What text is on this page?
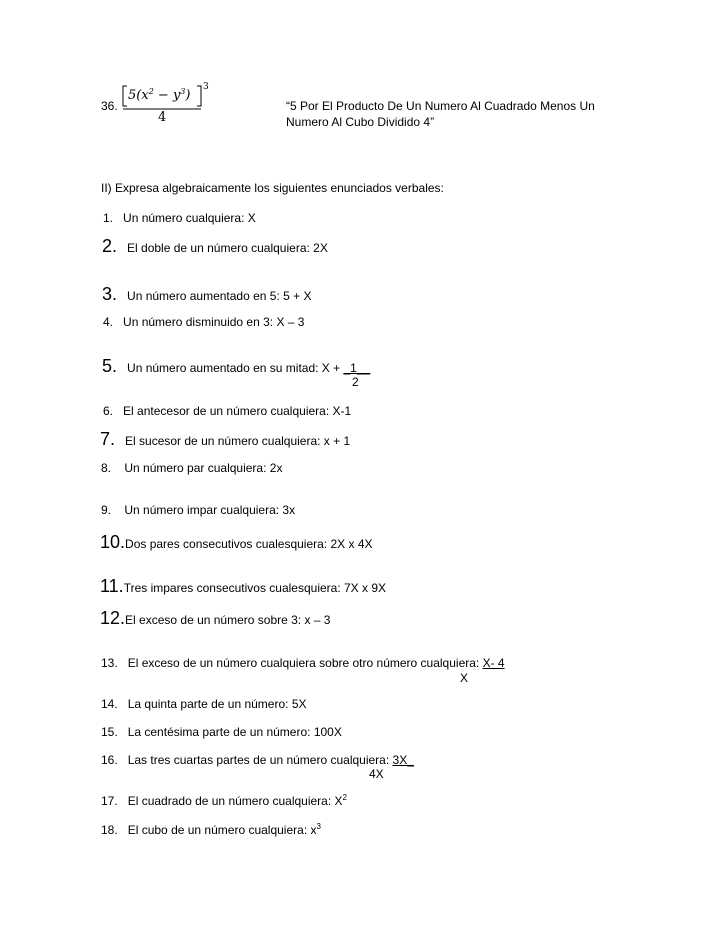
36.
$5(x^2 - y^3)$
3
4
“5 Por El Producto De Un Numero Al Cuadrado Menos Un
Numero Al Cubo Dividido 4”
II) Expresa algebraicamente los siguientes enunciados verbales:
1. Un número cualquiera: X
2. El doble de un número cualquiera: 2X
3. Un número aumentado en 5: 5 + X
4. Un número disminuido en 3: X – 3
5. Un número aumentado en su mitad: X + _1__
2
6. El antecesor de un número cualquiera: X-1
7. El sucesor de un número cualquiera: x + 1
8. Un número par cualquiera: 2x
9. Un número impar cualquiera: 3x
10.Dos pares consecutivos cualesquiera: 2X x 4X
11.Tres impares consecutivos cualesquiera: 7X x 9X
12.El exceso de un número sobre 3: x – 3
13. El exceso de un número cualquiera sobre otro número cualquiera: X- 4
X
14. La quinta parte de un número: 5X
15. La centésima parte de un número: 100X
16. Las tres cuartas partes de un número cualquiera: 3X_
4X
17. El cuadrado de un número cualquiera: $X^2$
18. El cubo de un número cualquiera: $x^3$
